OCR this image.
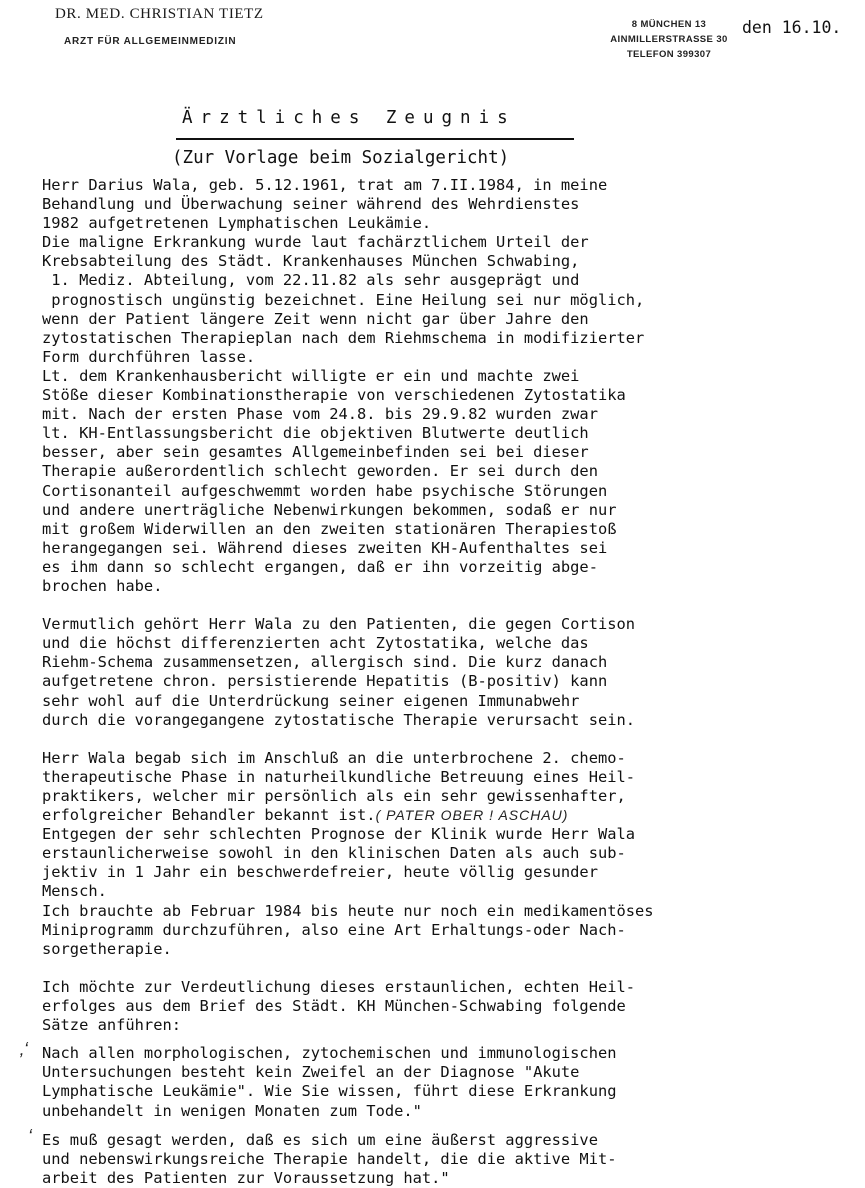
DR. MED. CHRISTIAN TIETZ
ARZT FÜR ALLGEMEINMEDIZIN
8 MÜNCHEN 13
AINMILLERSTRASSE 30
TELEFON 399307
den 16.10.
Ärztliches Zeugnis
(Zur Vorlage beim Sozialgericht)
Herr Darius Wala, geb. 5.12.1961, trat am 7.II.1984, in meine
Behandlung und Überwachung seiner während des Wehrdienstes
1982 aufgetretenen Lymphatischen Leukämie.
Die maligne Erkrankung wurde laut fachärztlichem Urteil der
Krebsabteilung des Städt. Krankenhauses München Schwabing,
1. Mediz. Abteilung, vom 22.11.82 als sehr ausgeprägt und
prognostisch ungünstig bezeichnet. Eine Heilung sei nur möglich,
wenn der Patient längere Zeit wenn nicht gar über Jahre den
zytostatischen Therapieplan nach dem Riehmschema in modifizierter
Form durchführen lasse.
Lt. dem Krankenhausbericht willigte er ein und machte zwei
Stöße dieser Kombinationstherapie von verschiedenen Zytostatika
mit. Nach der ersten Phase vom 24.8. bis 29.9.82 wurden zwar
lt. KH-Entlassungsbericht die objektiven Blutwerte deutlich
besser, aber sein gesamtes Allgemeinbefinden sei bei dieser
Therapie außerordentlich schlecht geworden. Er sei durch den
Cortisonanteil aufgeschwemmt worden habe psychische Störungen
und andere unerträgliche Nebenwirkungen bekommen, sodaß er nur
mit großem Widerwillen an den zweiten stationären Therapiestoß
herangegangen sei. Während dieses zweiten KH-Aufenthaltes sei
es ihm dann so schlecht ergangen, daß er ihn vorzeitig abge-
brochen habe.
Vermutlich gehört Herr Wala zu den Patienten, die gegen Cortison
und die höchst differenzierten acht Zytostatika, welche das
Riehm-Schema zusammensetzen, allergisch sind. Die kurz danach
aufgetretene chron. persistierende Hepatitis (B-positiv) kann
sehr wohl auf die Unterdrückung seiner eigenen Immunabwehr
durch die vorangegangene zytostatische Therapie verursacht sein.
Herr Wala begab sich im Anschluß an die unterbrochene 2. chemo-
therapeutische Phase in naturheilkundliche Betreuung eines Heil-
praktikers, welcher mir persönlich als ein sehr gewissenhafter,
erfolgreicher Behandler bekannt ist.( PATER OBER ! ASCHAU)
Entgegen der sehr schlechten Prognose der Klinik wurde Herr Wala
erstaunlicherweise sowohl in den klinischen Daten als auch sub-
jektiv in 1 Jahr ein beschwerdefreier, heute völlig gesunder
Mensch.
Ich brauchte ab Februar 1984 bis heute nur noch ein medikamentöses
Miniprogramm durchzuführen, also eine Art Erhaltungs-oder Nach-
sorgetherapie.
Ich möchte zur Verdeutlichung dieses erstaunlichen, echten Heil-
erfolges aus dem Brief des Städt. KH München-Schwabing folgende
Sätze anführen:
‚‘ Nach allen morphologischen, zytochemischen und immunologischen
Untersuchungen besteht kein Zweifel an der Diagnose "Akute
Lymphatische Leukämie". Wie Sie wissen, führt diese Erkrankung
unbehandelt in wenigen Monaten zum Tode."
‘ Es muß gesagt werden, daß es sich um eine äußerst aggressive
und nebenswirkungsreiche Therapie handelt, die die aktive Mit-
arbeit des Patienten zur Voraussetzung hat."
